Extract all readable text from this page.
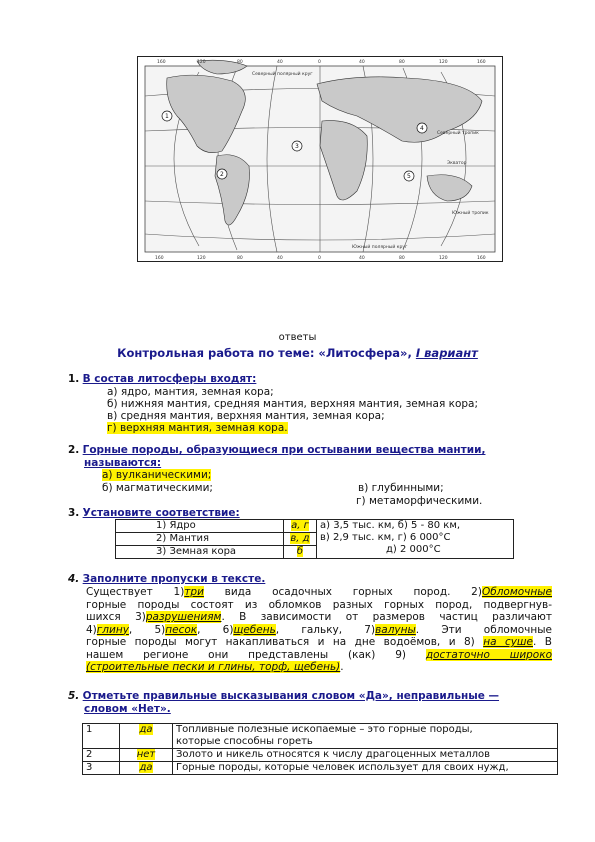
160	120	80	40	0	40	80	120	160
160	120	80	40	0	40	80	120	160
Северный полярный круг
Северный тропик
Экватор
Южный тропик
Южный полярный круг
1
2
3
4
5
ответы
Контрольная работа по теме: «Литосфера», I вариант
1. В состав литосферы входят:
а) ядро, мантия, земная кора;
б) нижняя мантия, средняя мантия, верхняя мантия, земная кора;
в) средняя мантия, верхняя мантия, земная кора;
г) верхняя мантия, земная кора.
2. Горные породы, образующиеся при остывании вещества мантии,
называются:
а) вулканическими;
б) магматическими;	в) глубинными;
г) метаморфическими.
3. Установите соответствие:
1) Ядро	а, г	а) 3,5 тыс. км, б) 5 - 80 км,
в) 2,9 тыс. км, г) 6 000°С
д) 2 000°С

2) Мантия	в, д	
3) Земная кора	б	
4. Заполните пропуски в тексте.
Существует 1)три вида осадочных горных пород. 2)Обломочные
горные породы состоят из обломков разных горных пород, подвергнув-
шихся 3)разрушениям. В зависимости от размеров частиц различают
4)глину, 5)песок, 6)щебень, гальку, 7)валуны. Эти обломочные
горные породы могут накапливаться и на дне водоёмов, и 8) на суше. В
нашем регионе они представлены (как) 9) достаточно широко
(строительные пески и глины, торф, щебень).
5. Отметьте правильные высказывания словом «Да», неправильные —
словом «Нет».
1	да	Топливные полезные ископаемые – это горные породы,
которые способны гореть

2	нет	Золото и никель относятся к числу драгоценных металлов
3	да	Горные породы, которые человек использует для своих нужд,
